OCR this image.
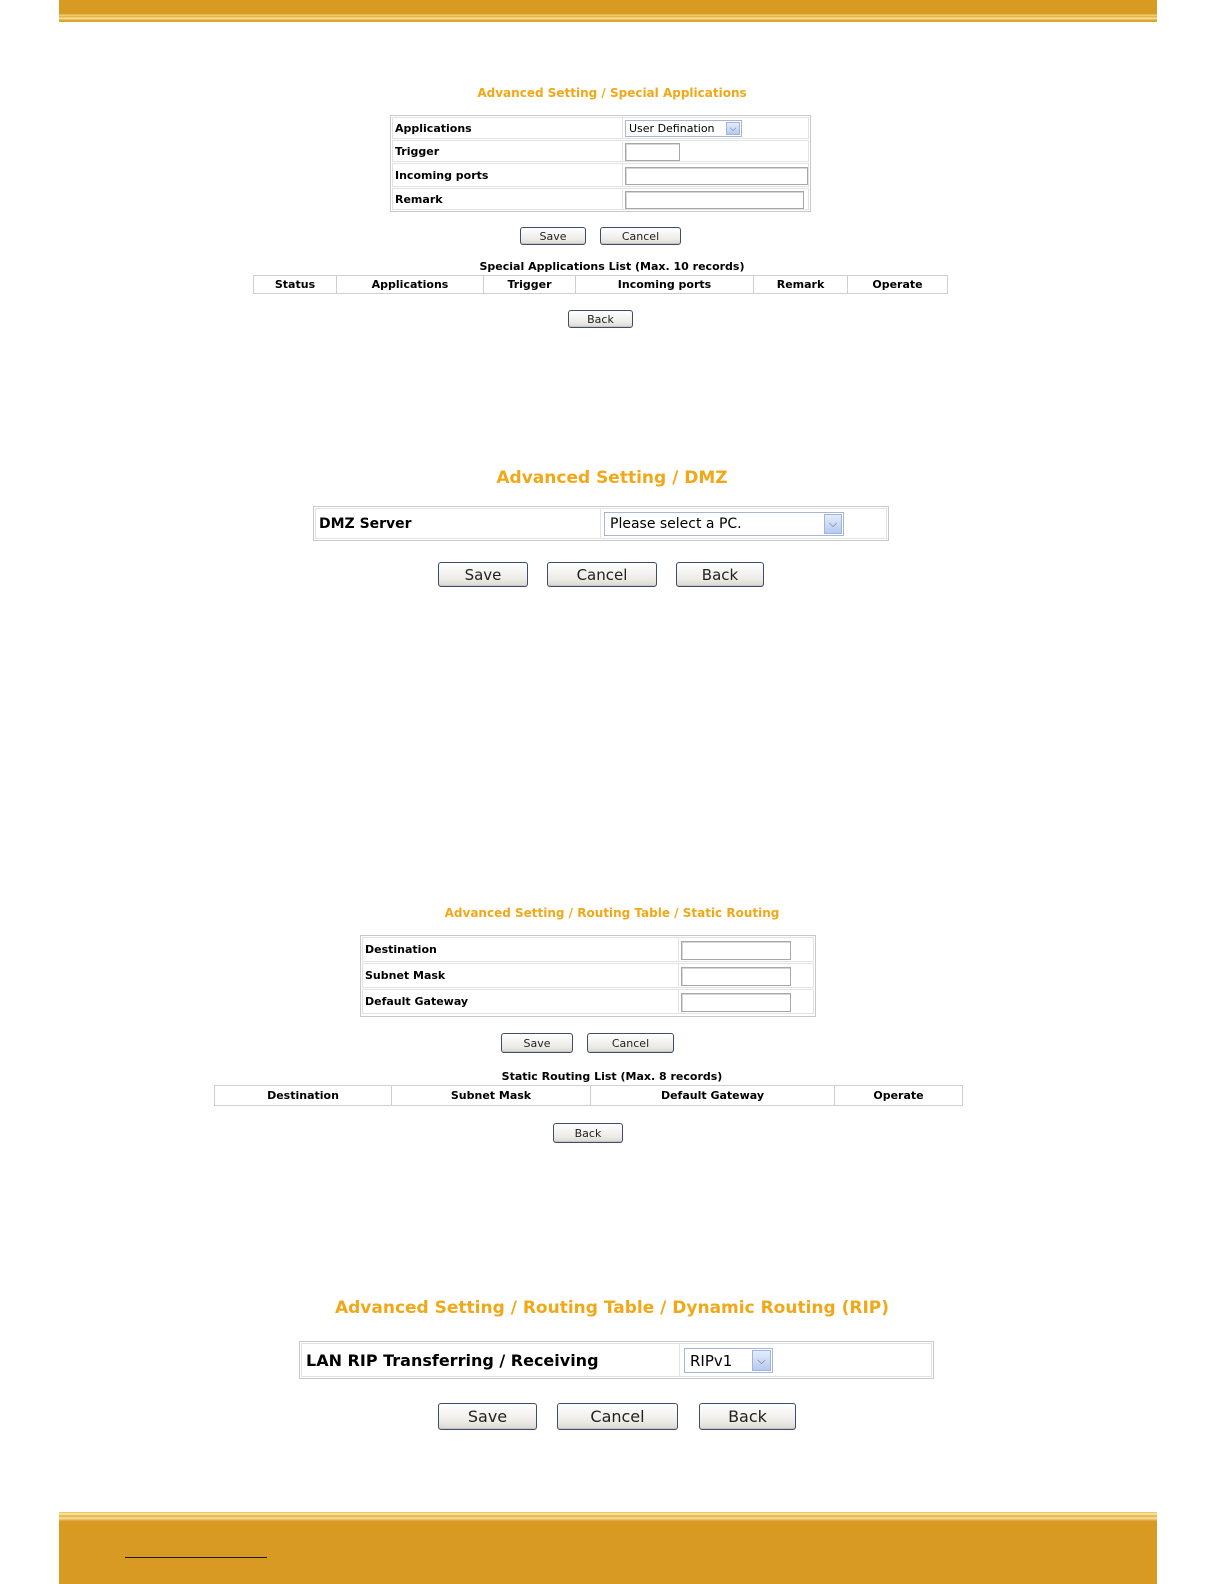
Advanced Setting / Special Applications
Applications	User Defination	⌵
Trigger
Incoming ports
Remark
Save	Cancel
Special Applications List (Max. 10 records)
Status	Applications	Trigger	Incoming ports	Remark	Operate
Back
Advanced Setting / DMZ
DMZ Server	Please select a PC.	⌵
Save	Cancel	Back
Advanced Setting / Routing Table / Static Routing
Destination
Subnet Mask
Default Gateway
Save	Cancel
Static Routing List (Max. 8 records)
Destination	Subnet Mask	Default Gateway	Operate
Back
Advanced Setting / Routing Table / Dynamic Routing (RIP)
LAN RIP Transferring / Receiving	RIPv1	⌵
Save	Cancel	Back
